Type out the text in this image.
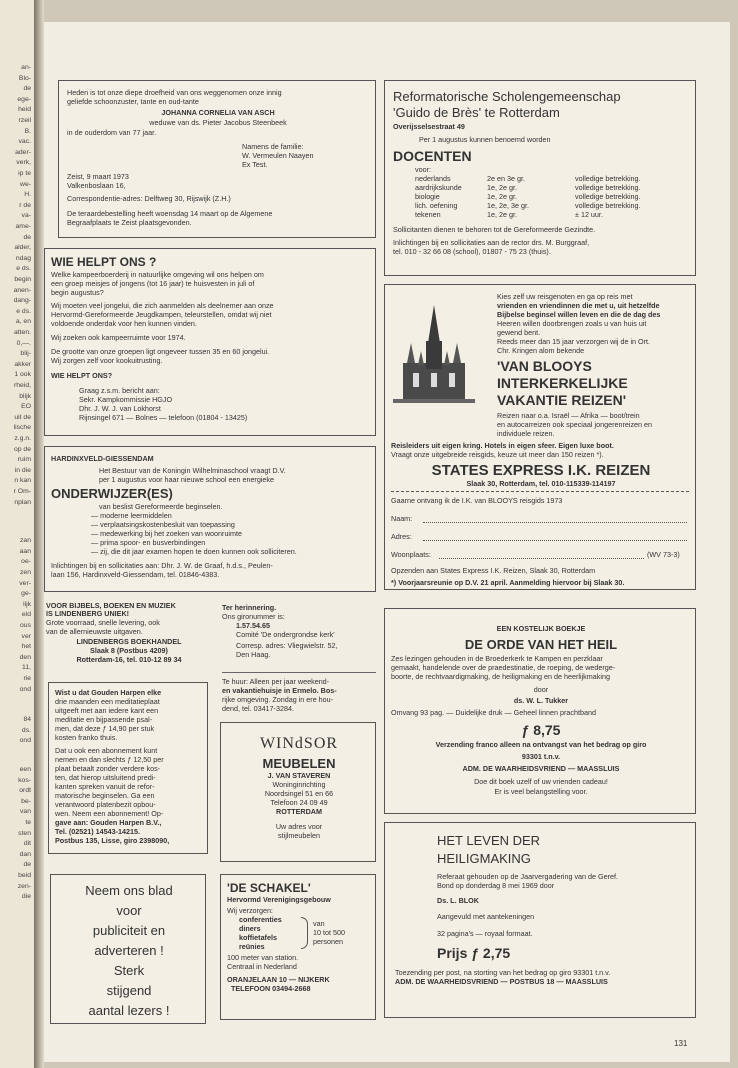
an-
Blo-
de
ege-
heid
rzeil
B.
vac.
ader-
verk,
ip te
we-
H.
r de
va-
ame-
de
alder,
ndag
e ds.
begin
anen-
dang-
e ds.
a, en
atten.
0,—.
blij-
akker
1 ook
rheid,
blijk
EO
uit de
lische
z.g.n.
op de
ruim
in die
n kan
r Om-
nplan
zan
aan
oe-
zen
ver-
ge-
lijk
eld
ous
ver
het
den
11,
rie
ond
84
ds.
ond
een
kos-
ordt
be-
van
te
sten
dit
dan
de
beid
zen-
die
Heden is tot onze diepe droefheid van ons weggenomen onze innig
geliefde schoonzuster, tante en oud-tante
JOHANNA CORNELIA VAN ASCH
weduwe van ds. Pieter Jacobus Steenbeek
in de ouderdom van 77 jaar.
Namens de familie:
W. Vermeulen Naayen
Ex Test.
Zeist, 9 maart 1973
Valkenboslaan 16,
Correspondentie-adres: Delftweg 30, Rijswijk (Z.H.)
De teraardebestelling heeft woensdag 14 maart op de Algemene
Begraafplaats te Zeist plaatsgevonden.
WIE HELPT ONS ?
Welke kampeerboerderij in natuurlijke omgeving wil ons helpen om
een groep meisjes of jongens (tot 16 jaar) te huisvesten in juli of
begin augustus?
Wij moeten veel jongelui, die zich aanmelden als deelnemer aan onze
Hervormd-Gereformeerde Jeugdkampen, teleurstellen, omdat wij niet
voldoende onderdak voor hen kunnen vinden.
Wij zoeken ook kampeerruimte voor 1974.
De grootte van onze groepen ligt ongeveer tussen 35 en 60 jongelui.
Wij zorgen zelf voor kookuitrusting.
WIE HELPT ONS?
Graag z.s.m. bericht aan:
Sekr. Kampkommissie HGJO
Dhr. J. W. J. van Lokhorst
Rijnsingel 671 — Bolnes — telefoon (01804 - 13425)
HARDINXVELD-GIESSENDAM
Het Bestuur van de Koningin Wilhelminaschool vraagt D.V.
per 1 augustus voor haar nieuwe school een energieke
ONDERWIJZER(ES)
van beslist Gereformeerde beginselen.
— moderne leermiddelen
— verplaatsingskostenbesluit van toepassing
— medewerking bij het zoeken van woonruimte
— prima spoor- en busverbindingen
— zij, die dit jaar examen hopen te doen kunnen ook solliciteren.
Inlichtingen bij en sollicitaties aan: Dhr. J. W. de Graaf, h.d.s., Peulen-
laan 156, Hardinxveld-Giessendam, tel. 01846-4383.
VOOR BIJBELS, BOEKEN EN MUZIEK
IS LINDENBERG UNIEK!
Grote voorraad, snelle levering, ook
van de allernieuwste uitgaven.
LINDENBERGS BOEKHANDEL
Slaak 8 (Postbus 4209)
Rotterdam-16, tel. 010-12 89 34
Wist u dat Gouden Harpen elke
drie maanden een meditatieplaat
uitgeeft met aan iedere kant een
meditatie en bijpassende psal-
men, dat deze ƒ 14,90 per stuk
kosten franko thuis.
Dat u ook een abonnement kunt
nemen en dan slechts ƒ 12,50 per
plaat betaalt zonder verdere kos-
ten, dat hierop uitsluitend predi-
kanten spreken vanuit de refor-
matorische beginselen. Ga een
verantwoord platenbezit opbou-
wen. Neem een abonnement! Op-
gave aan: Gouden Harpen B.V.,
Tel. (02521) 14543-14215.
Postbus 135, Lisse, giro 2398090,
Neem ons blad
voor
publiciteit en
adverteren !
Sterk
stijgend
aantal lezers !
Ter herinnering.
Ons gironummer is:
1.57.54.65
Comité 'De ondergrondse kerk'
Corresp. adres: Vliegwielstr. 52,
Den Haag.
Te huur: Alleen per jaar weekend-
en vakantiehuisje in Ermelo. Bos-
rijke omgeving. Zondag in ere hou-
dend, tel. 03417-3284.
WINdSOR
MEUBELEN
J. VAN STAVEREN
Woninginrichting
Noordsingel 51 en 66
Telefoon 24 09 49
ROTTERDAM
Uw adres voor
stijlmeubelen
'DE SCHAKEL'
Hervormd Verenigingsgebouw
Wij verzorgen:
conferenties
diners
koffietafels
reünies
van
10 tot 500
personen
100 meter van station.
Centraal in Nederland
ORANJELAAN 10 — NIJKERK
TELEFOON 03494-2668
Reformatorische Scholengemeenschap
'Guido de Brès' te Rotterdam
Overijsselsestraat 49
Per 1 augustus kunnen benoemd worden
DOCENTEN
voor:
nederlands	2e en 3e gr.	volledige betrekking.
aardrijkskunde	1e, 2e gr.	volledige betrekking.
biologie	1e, 2e gr.	volledige betrekking.
lich. oefening	1e, 2e, 3e gr.	volledige betrekking.
tekenen	1e, 2e gr.	± 12 uur.
Sollicitanten dienen te behoren tot de Gereformeerde Gezindte.
Inlichtingen bij en sollicitaties aan de rector drs. M. Burggraaf,
tel. 010 - 32 66 08 (school), 01807 - 75 23 (thuis).
Kies zelf uw reisgenoten en ga op reis met
vrienden en vriendinnen die met u, uit hetzelfde
Bijbelse beginsel willen leven en die de dag des
Heeren willen doorbrengen zoals u van huis uit
gewend bent.
Reeds meer dan 15 jaar verzorgen wij de in Ort.
Chr. Kringen alom bekende
'VAN BLOOYS
INTERKERKELIJKE
VAKANTIE REIZEN'
Reizen naar o.a. Israël — Afrika — boot/trein
en autocarreizen ook speciaal jongerenreizen en
individuele reizen.
Reisleiders uit eigen kring. Hotels in eigen sfeer. Eigen luxe boot.
Vraagt onze uitgebreide reisgids, keuze uit meer dan 150 reizen *).
STATES EXPRESS I.K. REIZEN
Slaak 30, Rotterdam, tel. 010-115339-114197
Gaarne ontvang ik de I.K. van BLOOYS reisgids 1973
Naam:
Adres:
Woonplaats:	(WV 73-3)
Opzenden aan States Express I.K. Reizen, Slaak 30, Rotterdam
*) Voorjaarsreunie op D.V. 21 april. Aanmelding hiervoor bij Slaak 30.
EEN KOSTELIJK BOEKJE
DE ORDE VAN HET HEIL
Zes lezingen gehouden in de Broederkerk te Kampen en perzklaar
gemaakt, handelende over de praedestinatie, de roeping, de wederge-
boorte, de rechtvaardigmaking, de heiligmaking en de heerlijkmaking
door
ds. W. L. Tukker
Omvang 93 pag. — Duidelijke druk — Geheel linnen prachtband
ƒ 8,75
Verzending franco alleen na ontvangst van het bedrag op giro
93301 t.n.v.
ADM. DE WAARHEIDSVRIEND — MAASSLUIS
Doe dit boek uzelf of uw vrienden cadeau!
Er is veel belangstelling voor.
HET LEVEN DER
HEILIGMAKING
Referaat gehouden op de Jaarvergadering van de Geref.
Bond op donderdag 8 mei 1969 door
Ds. L. BLOK
Aangevuld met aantekeningen
32 pagina's — royaal formaat.
Prijs ƒ 2,75
Toezending per post, na storting van het bedrag op giro 93301 t.n.v.
ADM. DE WAARHEIDSVRIEND — POSTBUS 18 — MAASSLUIS
131
